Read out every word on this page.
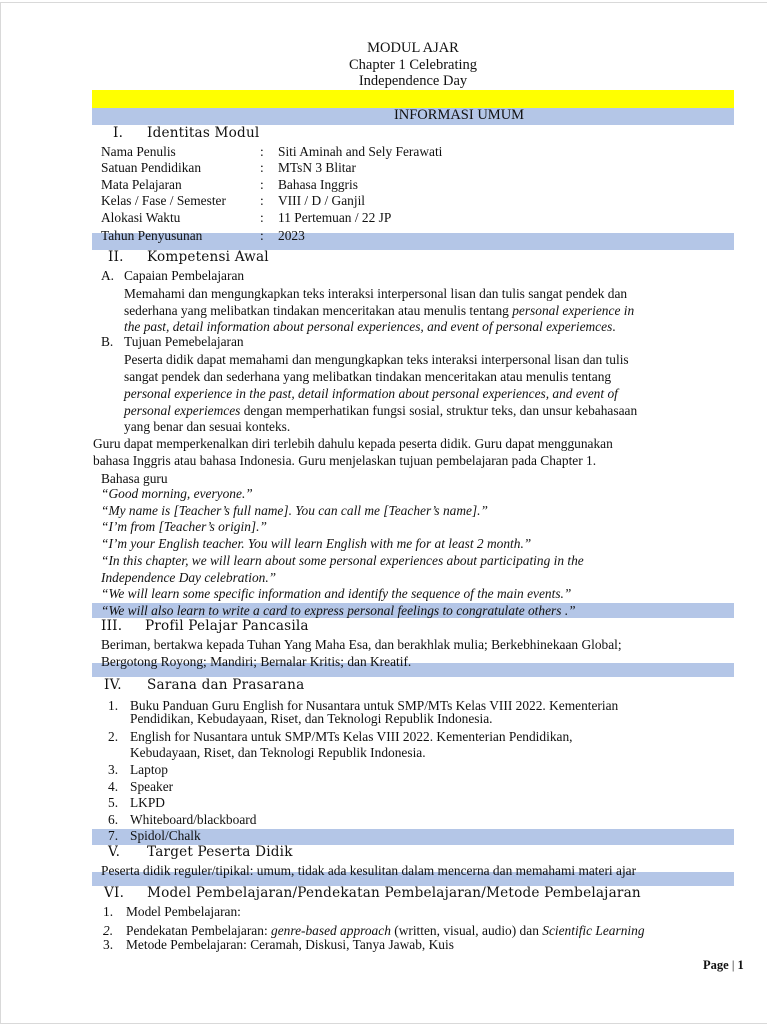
MODUL AJAR
Chapter 1 Celebrating
Independence Day
INFORMASI UMUM
I. Identitas Modul
Nama Penulis	: Siti Aminah and Sely Ferawati
Satuan Pendidikan	: MTsN 3 Blitar
Mata Pelajaran	: Bahasa Inggris
Kelas / Fase / Semester	: VIII / D / Ganjil
Alokasi Waktu	: 11 Pertemuan / 22 JP
Tahun Penyusunan	: 2023
II. Kompetensi Awal
A. Capaian Pembelajaran
Memahami dan mengungkapkan teks interaksi interpersonal lisan dan tulis sangat pendek dan
sederhana yang melibatkan tindakan menceritakan atau menulis tentang personal experience in
the past, detail information about personal experiences, and event of personal experiemces.
B. Tujuan Pemebelajaran
Peserta didik dapat memahami dan mengungkapkan teks interaksi interpersonal lisan dan tulis
sangat pendek dan sederhana yang melibatkan tindakan menceritakan atau menulis tentang
personal experience in the past, detail information about personal experiences, and event of
personal experiemces dengan memperhatikan fungsi sosial, struktur teks, dan unsur kebahasaan
yang benar dan sesuai konteks.
Guru dapat memperkenalkan diri terlebih dahulu kepada peserta didik. Guru dapat menggunakan
bahasa Inggris atau bahasa Indonesia. Guru menjelaskan tujuan pembelajaran pada Chapter 1.
Bahasa guru
“Good morning, everyone.”
“My name is [Teacher’s full name]. You can call me [Teacher’s name].”
“I’m from [Teacher’s origin].”
“I’m your English teacher. You will learn English with me for at least 2 month.”
“In this chapter, we will learn about some personal experiences about participating in the
Independence Day celebration.”
“We will learn some specific information and identify the sequence of the main events.”
“We will also learn to write a card to express personal feelings to congratulate others .”
III. Profil Pelajar Pancasila
Beriman, bertakwa kepada Tuhan Yang Maha Esa, dan berakhlak mulia; Berkebhinekaan Global;
Bergotong Royong; Mandiri; Bernalar Kritis; dan Kreatif.
IV. Sarana dan Prasarana
1. Buku Panduan Guru English for Nusantara untuk SMP/MTs Kelas VIII 2022. Kementerian
Pendidikan, Kebudayaan, Riset, dan Teknologi Republik Indonesia.
2. English for Nusantara untuk SMP/MTs Kelas VIII 2022. Kementerian Pendidikan,
Kebudayaan, Riset, dan Teknologi Republik Indonesia.
3. Laptop
4. Speaker
5. LKPD
6. Whiteboard/blackboard
7. Spidol/Chalk
V. Target Peserta Didik
Peserta didik reguler/tipikal: umum, tidak ada kesulitan dalam mencerna dan memahami materi ajar
VI. Model Pembelajaran/Pendekatan Pembelajaran/Metode Pembelajaran
1. Model Pembelajaran:
2. Pendekatan Pembelajaran: genre-based approach (written, visual, audio) dan Scientific Learning
3. Metode Pembelajaran: Ceramah, Diskusi, Tanya Jawab, Kuis
Page | 1
